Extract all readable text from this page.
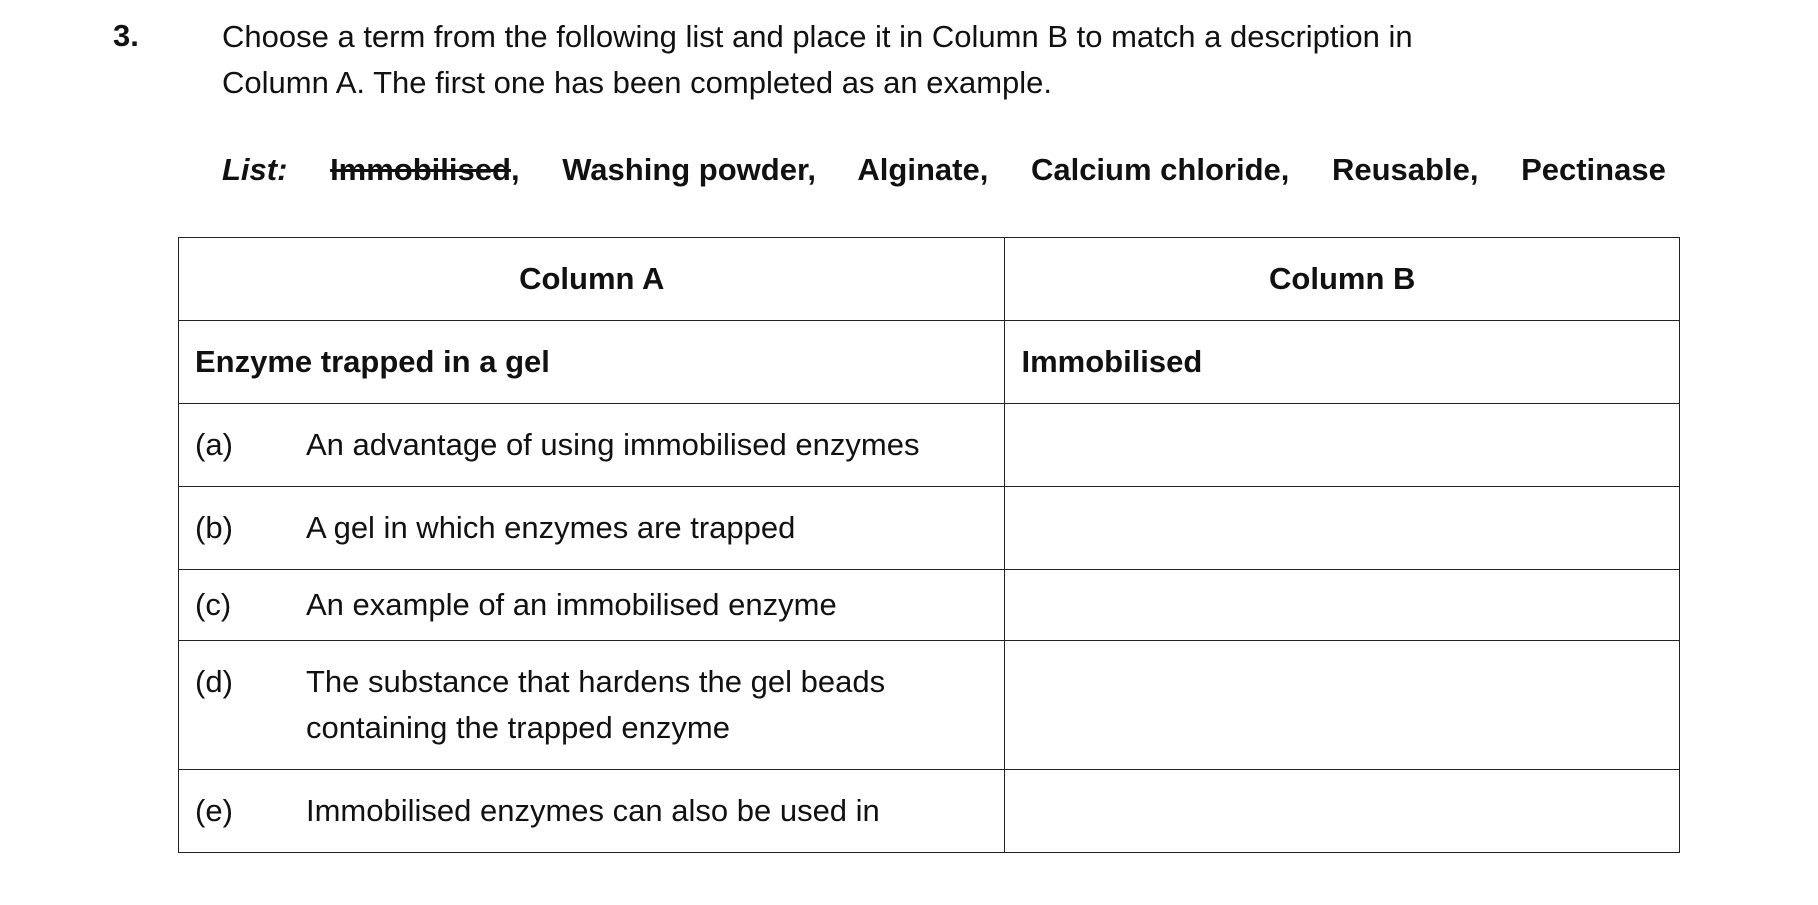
3.	Choose a term from the following list and place it in Column B to match a description in
Column A. The first one has been completed as an example.
List: Immobilised, Washing powder, Alginate, Calcium chloride, Reusable, Pectinase
Column A	Column B
Enzyme trapped in a gel	Immobilised

(a) An advantage of using immobilised enzymes	

(b) A gel in which enzymes are trapped	

(c) An example of an immobilised enzyme	

(d) The substance that hardens the gel beads
containing the trapped enzyme	

(e) Immobilised enzymes can also be used in	
